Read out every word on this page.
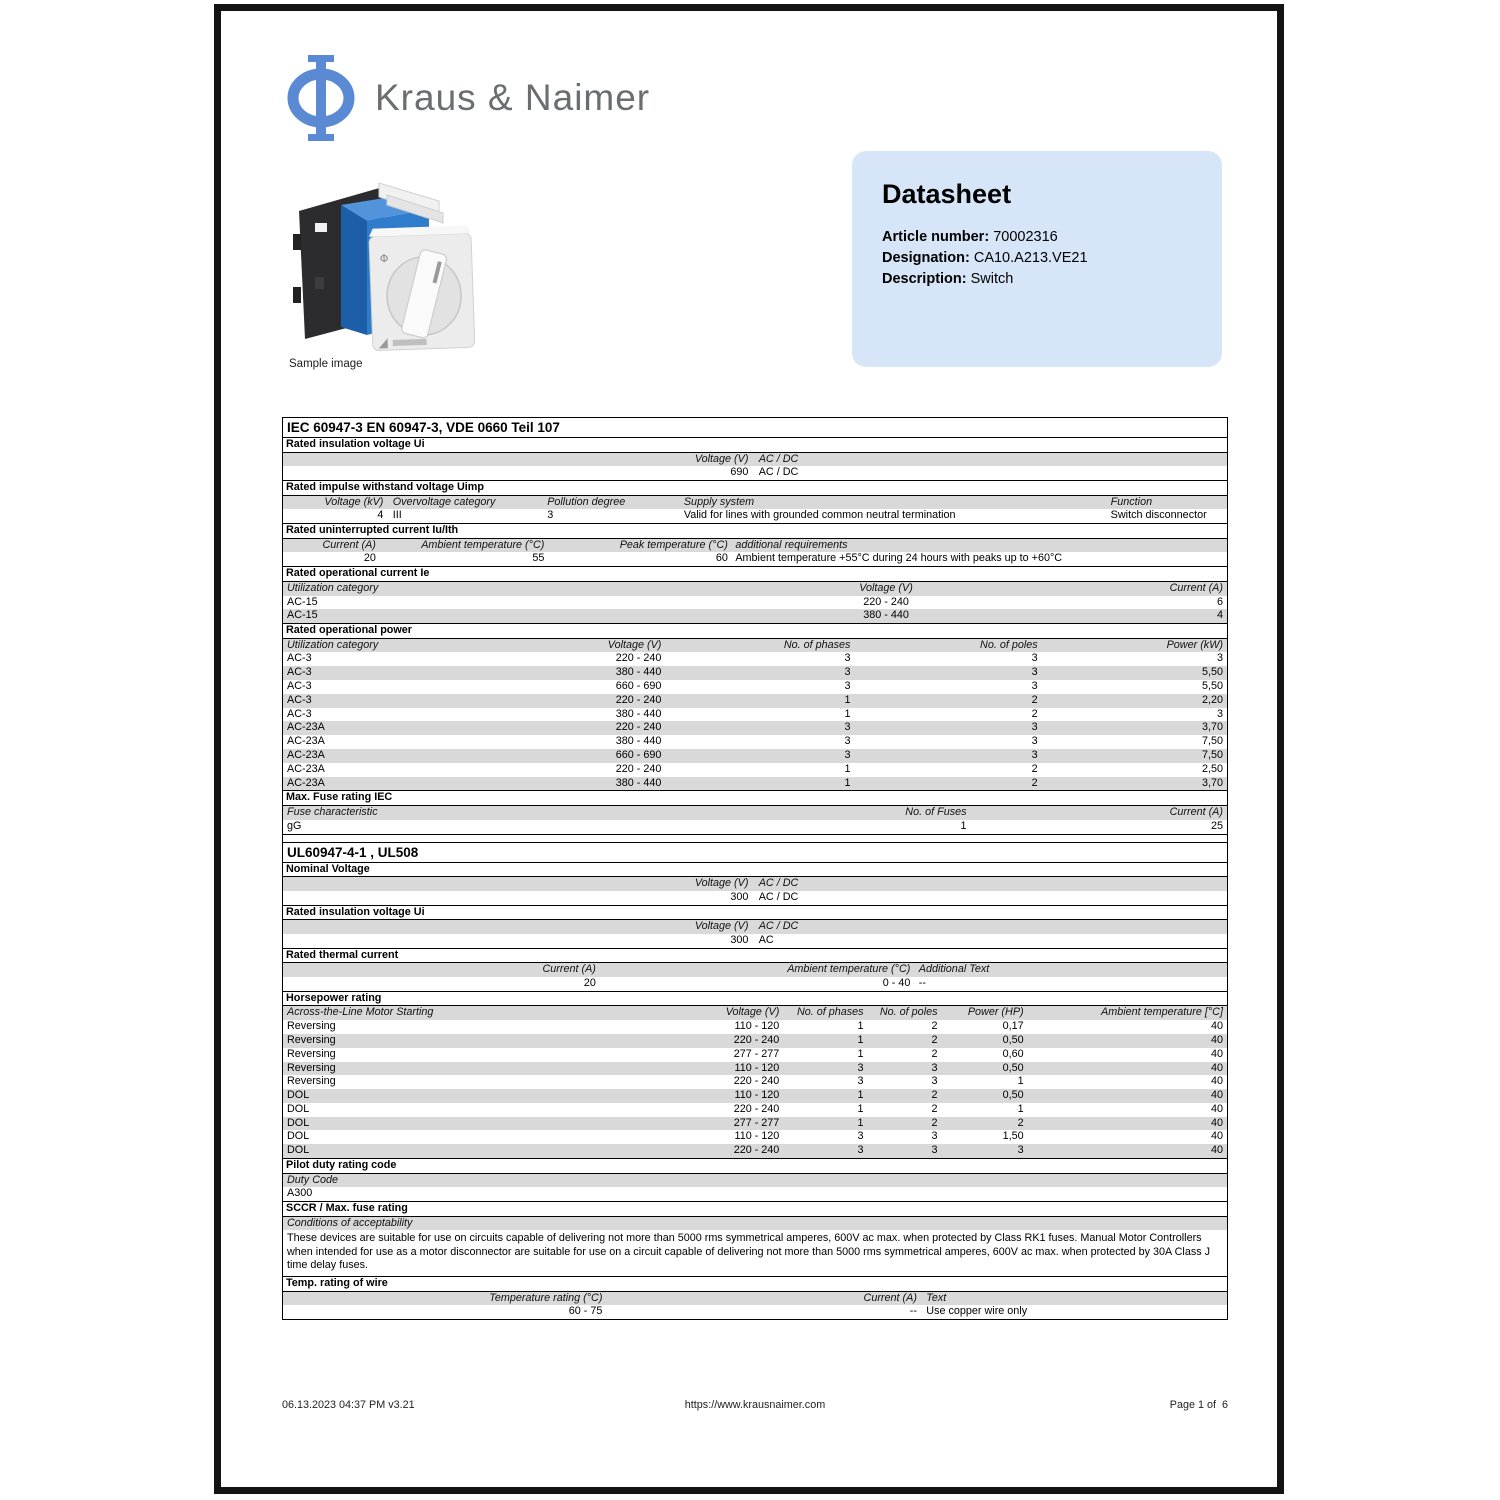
Kraus & Naimer
Φ
Sample image
Datasheet
Article number: 70002316
Designation: CA10.A213.VE21
Description: Switch
IEC 60947-3 EN 60947-3, VDE 0660 Teil 107
Rated insulation voltage Ui
Voltage (V) AC / DC
690 AC / DC
Rated impulse withstand voltage Uimp
Voltage (kV) Overvoltage category	Pollution degree	Supply system	Function
4 III	3	Valid for lines with grounded common neutral termination	Switch disconnector
Rated uninterrupted current Iu/Ith
Current (A)	Ambient temperature (°C)	Peak temperature (°C) additional requirements
20	55	60 Ambient temperature +55°C during 24 hours with peaks up to +60°C
Rated operational current Ie
Utilization category	Voltage (V)	Current (A)
AC-15	220 - 240	6
AC-15	380 - 440	4
Rated operational power
Utilization category	Voltage (V)	No. of phases	No. of poles	Power (kW)
AC-3	220 - 240	3	3	3
AC-3	380 - 440	3	3	5,50
AC-3	660 - 690	3	3	5,50
AC-3	220 - 240	1	2	2,20
AC-3	380 - 440	1	2	3
AC-23A	220 - 240	3	3	3,70
AC-23A	380 - 440	3	3	7,50
AC-23A	660 - 690	3	3	7,50
AC-23A	220 - 240	1	2	2,50
AC-23A	380 - 440	1	2	3,70
Max. Fuse rating IEC
Fuse characteristic	No. of Fuses	Current (A)
gG	1	25
UL60947-4-1 , UL508
Nominal Voltage
Voltage (V) AC / DC
300 AC / DC
Rated insulation voltage Ui
Voltage (V) AC / DC
300 AC
Rated thermal current
Current (A)	Ambient temperature (°C) Additional Text
20	0 - 40 --
Horsepower rating
Across-the-Line Motor Starting	Voltage (V)	No. of phases	No. of poles	Power (HP)	Ambient temperature [°C]
Reversing	110 - 120	1	2	0,17	40
Reversing	220 - 240	1	2	0,50	40
Reversing	277 - 277	1	2	0,60	40
Reversing	110 - 120	3	3	0,50	40
Reversing	220 - 240	3	3	1	40
DOL	110 - 120	1	2	0,50	40
DOL	220 - 240	1	2	1	40
DOL	277 - 277	1	2	2	40
DOL	110 - 120	3	3	1,50	40
DOL	220 - 240	3	3	3	40
Pilot duty rating code
Duty Code
A300
SCCR / Max. fuse rating
Conditions of acceptability
These devices are suitable for use on circuits capable of delivering not more than 5000 rms symmetrical amperes, 600V ac max. when protected by Class RK1 fuses. Manual Motor Controllers when intended for use as a motor disconnector are suitable for use on a circuit capable of delivering not more than 5000 rms symmetrical amperes, 600V ac max. when protected by 30A Class J time delay fuses.
Temp. rating of wire
Temperature rating (°C)	Current (A) Text
60 - 75	-- Use copper wire only
06.13.2023 04:37 PM v3.21	https://www.krausnaimer.com	Page 1 of  6
